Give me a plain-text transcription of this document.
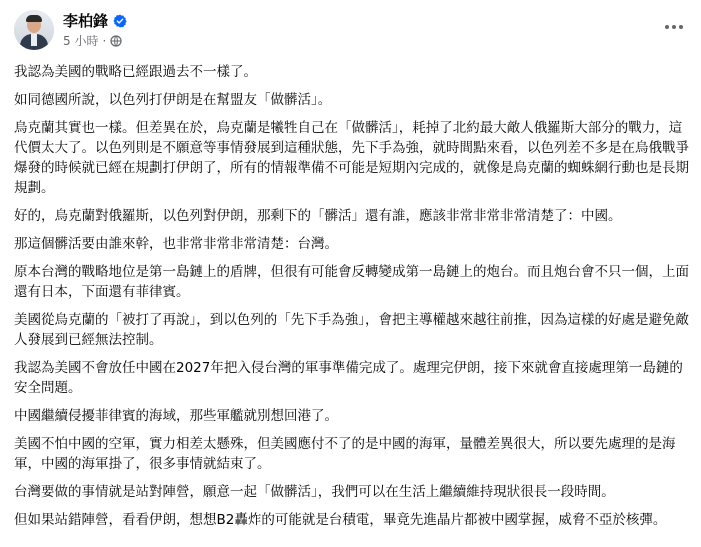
李柏鋒
5 小時 ·

我認為美國的戰略已經跟過去不一樣了。

如同德國所說，以色列打伊朗是在幫盟友「做髒活」。

烏克蘭其實也一樣。但差異在於，烏克蘭是犧牲自己在「做髒活」，耗掉了北約最大敵人俄羅斯大部分的戰力，這代價太大了。以色列則是不願意等事情發展到這種狀態，先下手為強，就時間點來看，以色列差不多是在烏俄戰爭爆發的時候就已經在規劃打伊朗了，所有的情報準備不可能是短期內完成的，就像是烏克蘭的蜘蛛網行動也是長期規劃。

好的，烏克蘭對俄羅斯，以色列對伊朗，那剩下的「髒活」還有誰，應該非常非常非常清楚了：中國。

那這個髒活要由誰來幹，也非常非常非常清楚：台灣。

原本台灣的戰略地位是第一島鏈上的盾牌，但很有可能會反轉變成第一島鏈上的炮台。而且炮台會不只一個，上面還有日本，下面還有菲律賓。

美國從烏克蘭的「被打了再說」，到以色列的「先下手為強」，會把主導權越來越往前推，因為這樣的好處是避免敵人發展到已經無法控制。

我認為美國不會放任中國在2027年把入侵台灣的軍事準備完成了。處理完伊朗，接下來就會直接處理第一島鏈的安全問題。

中國繼續侵擾菲律賓的海域，那些軍艦就別想回港了。

美國不怕中國的空軍，實力相差太懸殊，但美國應付不了的是中國的海軍，量體差異很大，所以要先處理的是海軍，中國的海軍掛了，很多事情就結束了。

台灣要做的事情就是站對陣營，願意一起「做髒活」，我們可以在生活上繼續維持現狀很長一段時間。

但如果站錯陣營，看看伊朗，想想B2轟炸的可能就是台積電，畢竟先進晶片都被中國掌握，威脅不亞於核彈。
